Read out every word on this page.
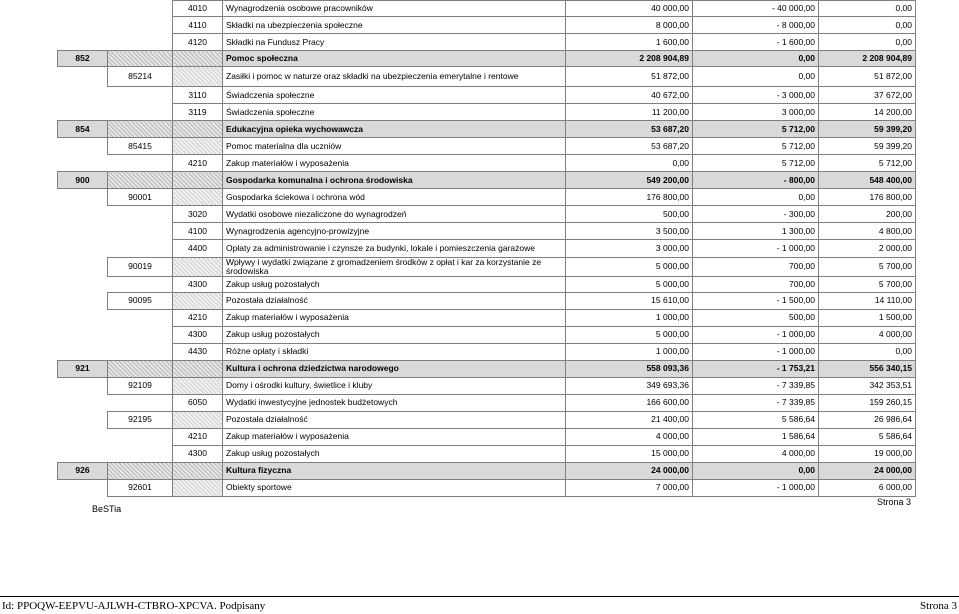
		4010	Wynagrodzenia osobowe pracowników	40 000,00	- 40 000,00	0,00
		4110	Składki na ubezpieczenia społeczne	8 000,00	- 8 000,00	0,00
		4120	Składki na Fundusz Pracy	1 600,00	- 1 600,00	0,00
852			Pomoc społeczna	2 208 904,89	0,00	2 208 904,89
	85214		Zasiłki i pomoc w naturze oraz składki na ubezpieczenia emerytalne i rentowe	51 872,00	0,00	51 872,00
		3110	Świadczenia społeczne	40 672,00	- 3 000,00	37 672,00
		3119	Świadczenia społeczne	11 200,00	3 000,00	14 200,00
854			Edukacyjna opieka wychowawcza	53 687,20	5 712,00	59 399,20
	85415		Pomoc materialna dla uczniów	53 687,20	5 712,00	59 399,20
		4210	Zakup materiałów i wyposażenia	0,00	5 712,00	5 712,00
900			Gospodarka komunalna i ochrona środowiska	549 200,00	- 800,00	548 400,00
	90001		Gospodarka ściekowa i ochrona wód	176 800,00	0,00	176 800,00
		3020	Wydatki osobowe niezaliczone do wynagrodzeń	500,00	- 300,00	200,00
		4100	Wynagrodzenia agencyjno-prowizyjne	3 500,00	1 300,00	4 800,00
		4400	Opłaty za administrowanie i czynsze za budynki, lokale i pomieszczenia garażowe	3 000,00	- 1 000,00	2 000,00
	90019		Wpływy i wydatki związane z gromadzeniem środków z opłat i kar za korzystanie ze środowiska	5 000,00	700,00	5 700,00
		4300	Zakup usług pozostałych	5 000,00	700,00	5 700,00
	90095		Pozostała działalność	15 610,00	- 1 500,00	14 110,00
		4210	Zakup materiałów i wyposażenia	1 000,00	500,00	1 500,00
		4300	Zakup usług pozostałych	5 000,00	- 1 000,00	4 000,00
		4430	Różne opłaty i składki	1 000,00	- 1 000,00	0,00
921			Kultura i ochrona dziedzictwa narodowego	558 093,36	- 1 753,21	556 340,15
	92109		Domy i ośrodki kultury, świetlice i kluby	349 693,36	- 7 339,85	342 353,51
		6050	Wydatki inwestycyjne jednostek budżetowych	166 600,00	- 7 339,85	159 260,15
	92195		Pozostała działalność	21 400,00	5 586,64	26 986,64
		4210	Zakup materiałów i wyposażenia	4 000,00	1 586,64	5 586,64
		4300	Zakup usług pozostałych	15 000,00	4 000,00	19 000,00
926			Kultura fizyczna	24 000,00	0,00	24 000,00
	92601		Obiekty sportowe	7 000,00	- 1 000,00	6 000,00
BeSTia
Strona 3
Id: PPOQW-EEPVU-AJLWH-CTBRO-XPCVA. Podpisany	Strona 3
